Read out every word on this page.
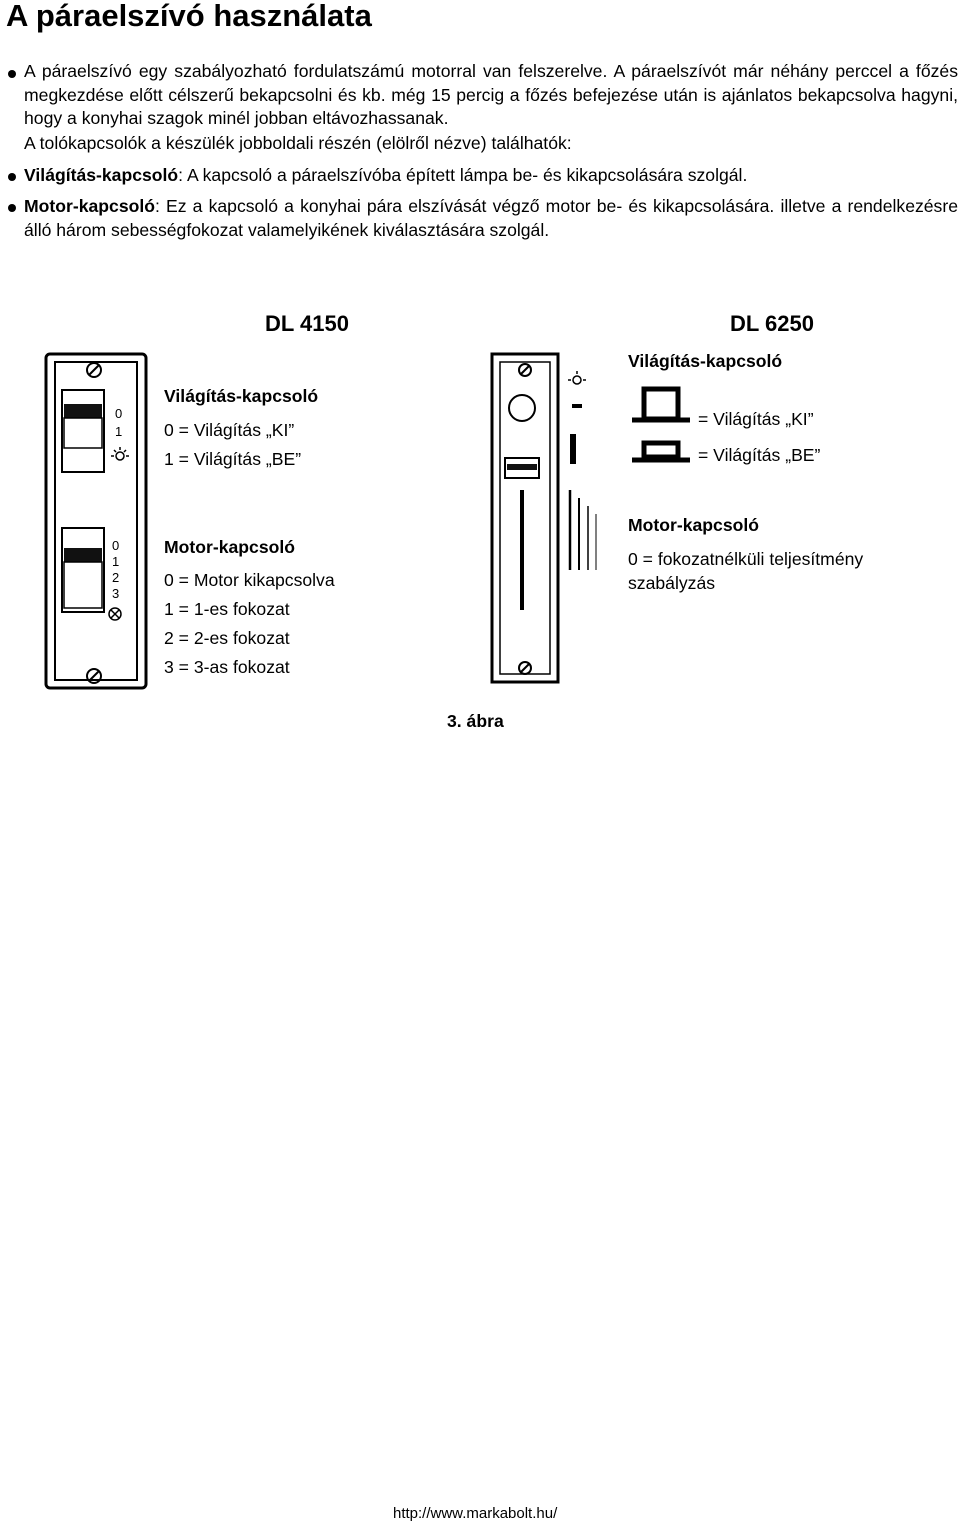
A páraelszívó használata

A páraelszívó egy szabályozható fordulatszámú motorral van felszerelve. A páraelszívót már néhány perccel a főzés megkezdése előtt célszerű bekapcsolni és kb. még 15 percig a főzés befejezése után is ajánlatos bekapcsolva hagyni, hogy a konyhai szagok minél jobban eltávozhassanak.

A tolókapcsolók a készülék jobboldali részén (elölről nézve) találhatók:

Világítás-kapcsoló: A kapcsoló a páraelszívóba épített lámpa be- és kikapcsolására szolgál.

Motor-kapcsoló: Ez a kapcsoló a konyhai pára elszívását végző motor be- és kikapcsolására. illetve a rendelkezésre álló három sebességfokozat valamelyikének kiválasztására szolgál.

DL 4150
0
1
0
1
2
3
Világítás-kapcsoló
0 = Világítás „KI”
1 = Világítás „BE”
Motor-kapcsoló
0 = Motor kikapcsolva
1 = 1-es fokozat
2 = 2-es fokozat
3 = 3-as fokozat
DL 6250
Világítás-kapcsoló
= Világítás „KI”
= Világítás „BE”
Motor-kapcsoló
0 = fokozatnélküli teljesítmény szabályzás
3. ábra
http://www.markabolt.hu/
